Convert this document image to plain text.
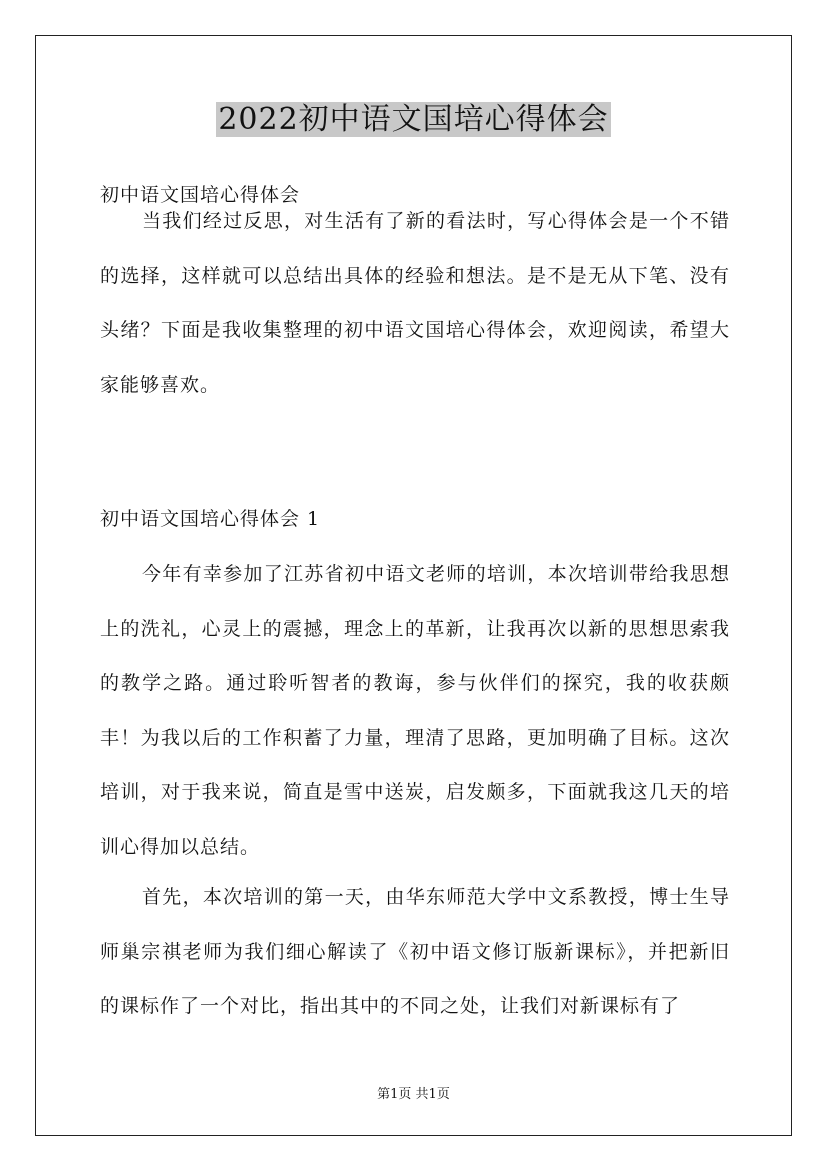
2022初中语文国培心得体会

初中语文国培心得体会

当我们经过反思，对生活有了新的看法时，写心得体会是一个不错的选择，这样就可以总结出具体的经验和想法。是不是无从下笔、没有头绪？下面是我收集整理的初中语文国培心得体会，欢迎阅读，希望大家能够喜欢。

初中语文国培心得体会 1

今年有幸参加了江苏省初中语文老师的培训，本次培训带给我思想上的洗礼，心灵上的震撼，理念上的革新，让我再次以新的思想思索我的教学之路。通过聆听智者的教诲，参与伙伴们的探究，我的收获颇丰！为我以后的工作积蓄了力量，理清了思路，更加明确了目标。这次培训，对于我来说，简直是雪中送炭，启发颇多，下面就我这几天的培训心得加以总结。

首先，本次培训的第一天，由华东师范大学中文系教授，博士生导师巢宗祺老师为我们细心解读了《初中语文修订版新课标》，并把新旧的课标作了一个对比，指出其中的不同之处，让我们对新课标有了

第1页 共1页
